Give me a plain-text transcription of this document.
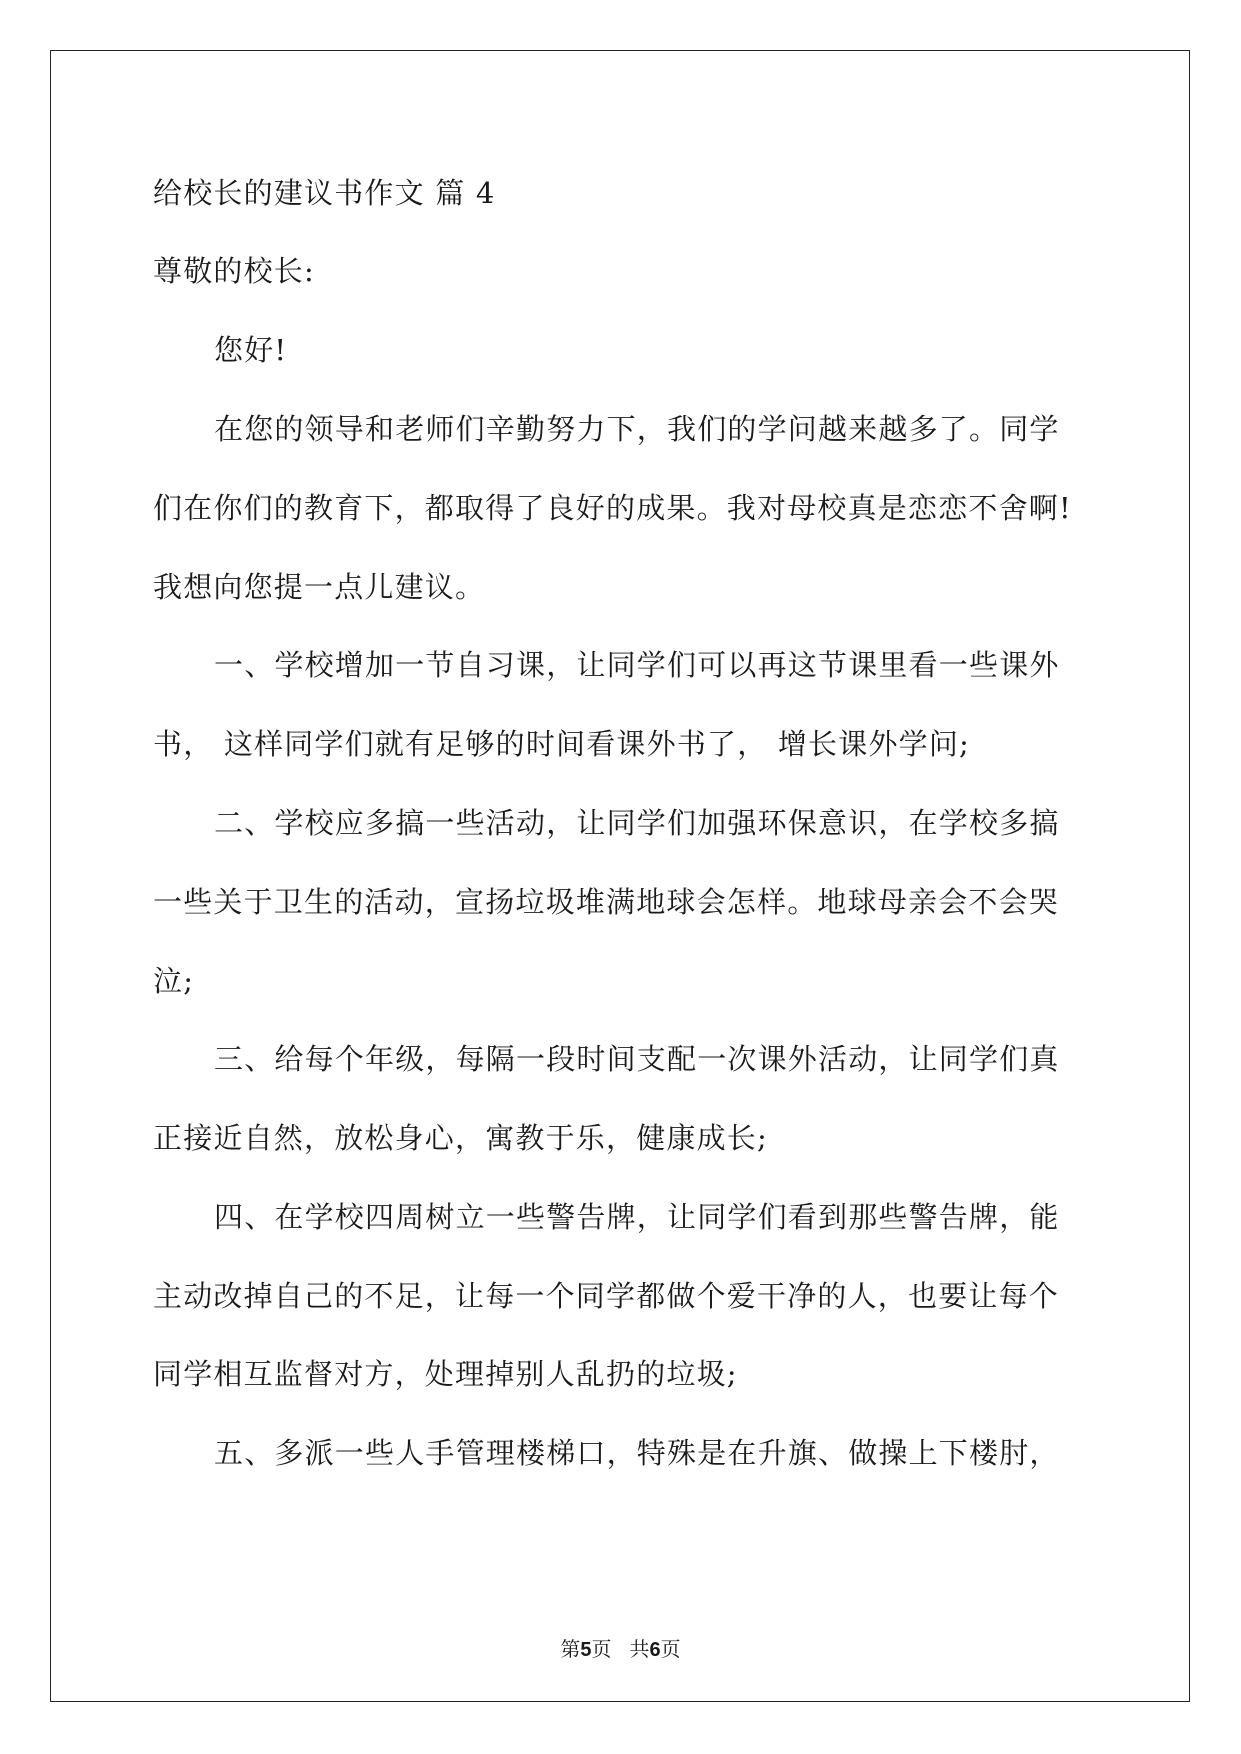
给校长的建议书作文 篇 4
尊敬的校长:
您好!
在您的领导和老师们辛勤努力下，我们的学问越来越多了。同学
们在你们的教育下，都取得了良好的成果。我对母校真是恋恋不舍啊!
我想向您提一点儿建议。
一、学校增加一节自习课，让同学们可以再这节课里看一些课外
书， 这样同学们就有足够的时间看课外书了， 增长课外学问;
二、学校应多搞一些活动，让同学们加强环保意识，在学校多搞
一些关于卫生的活动，宣扬垃圾堆满地球会怎样。地球母亲会不会哭
泣;
三、给每个年级，每隔一段时间支配一次课外活动，让同学们真
正接近自然，放松身心，寓教于乐，健康成长;
四、在学校四周树立一些警告牌，让同学们看到那些警告牌，能
主动改掉自己的不足，让每一个同学都做个爱干净的人，也要让每个
同学相互监督对方，处理掉别人乱扔的垃圾;
五、多派一些人手管理楼梯口，特殊是在升旗、做操上下楼肘，
第5页 共6页
